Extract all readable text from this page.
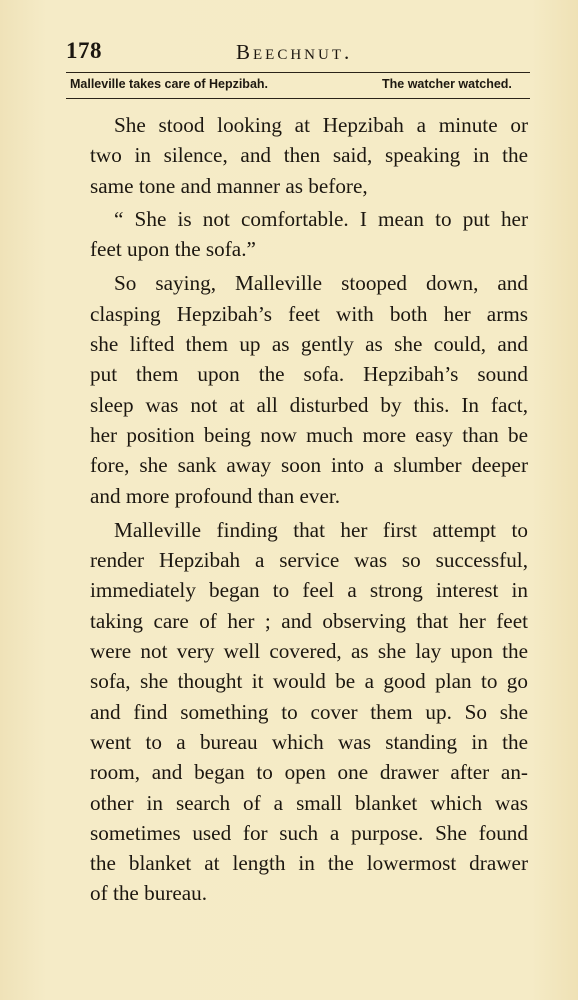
178	Beechnut.
Malleville takes care of Hepzibah.	The watcher watched.

She stood looking at Hepzibah a minute or
two in silence, and then said, speaking in the
same tone and manner as before,

“ She is not comfortable. I mean to put her
feet upon the sofa.”

So saying, Malleville stooped down, and
clasping Hepzibah’s feet with both her arms
she lifted them up as gently as she could, and
put them upon the sofa. Hepzibah’s sound
sleep was not at all disturbed by this. In fact,
her position being now much more easy than be
fore, she sank away soon into a slumber deeper
and more profound than ever.

Malleville finding that her first attempt to
render Hepzibah a service was so successful,
immediately began to feel a strong interest in
taking care of her ; and observing that her feet
were not very well covered, as she lay upon the
sofa, she thought it would be a good plan to go
and find something to cover them up. So she
went to a bureau which was standing in the
room, and began to open one drawer after an-
other in search of a small blanket which was
sometimes used for such a purpose. She found
the blanket at length in the lowermost drawer
of the bureau.
